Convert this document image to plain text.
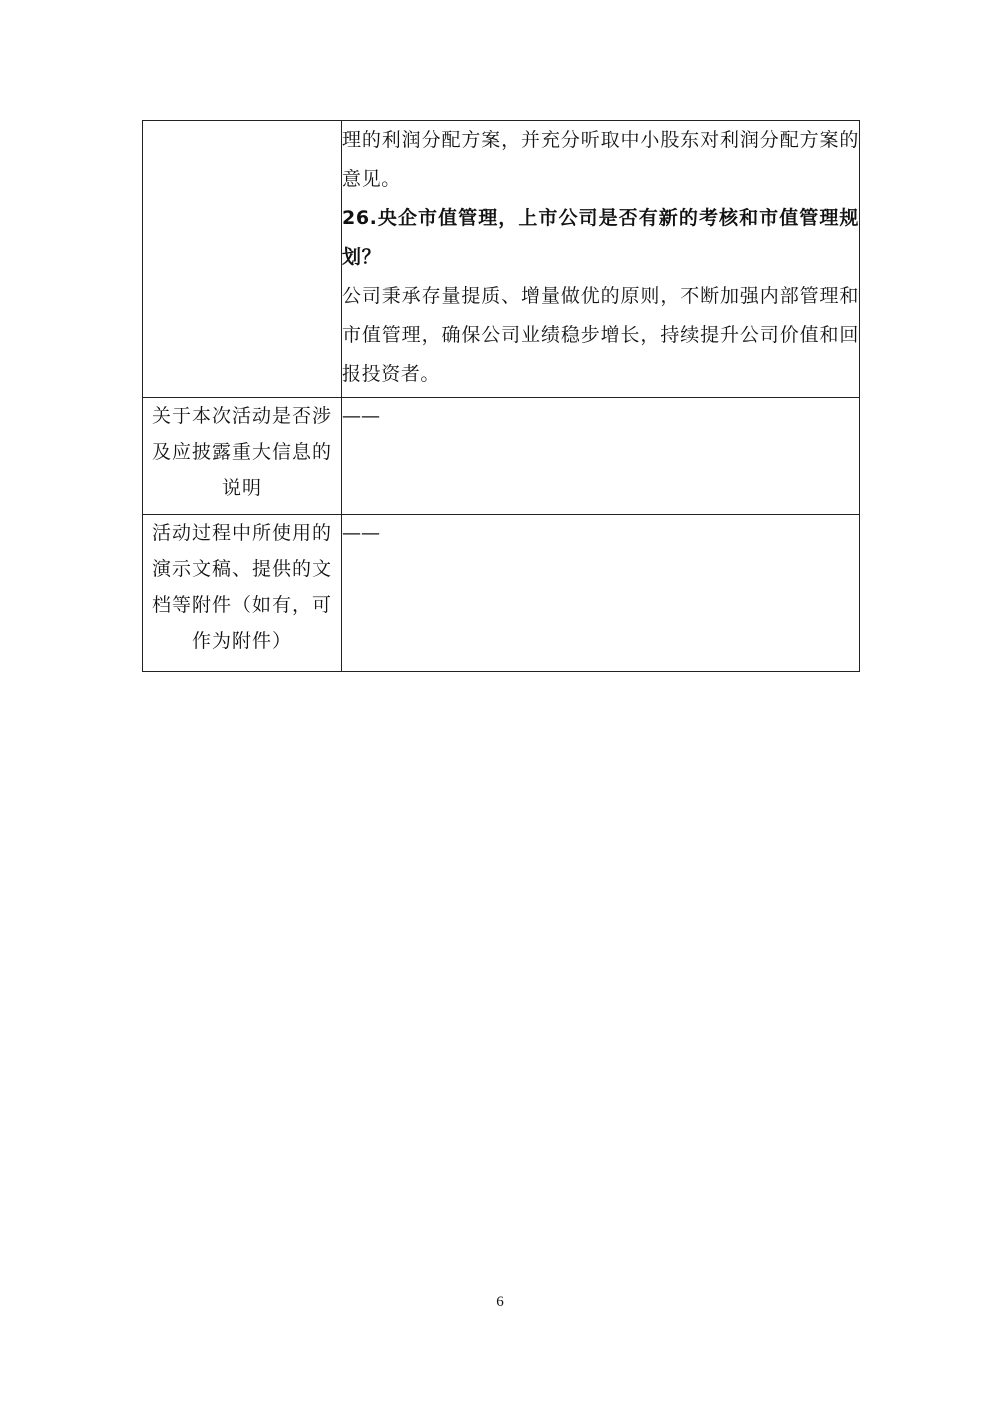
	理的利润分配方案，并充分听取中小股东对利润分配方案的意见。

26.央企市值管理，上市公司是否有新的考核和市值管理规划？

公司秉承存量提质、增量做优的原则，不断加强内部管理和市值管理，确保公司业绩稳步增长，持续提升公司价值和回报投资者。

关于本次活动是否涉及应披露重大信息的说明	——
活动过程中所使用的演示文稿、提供的文档等附件（如有，可作为附件）	——
6
